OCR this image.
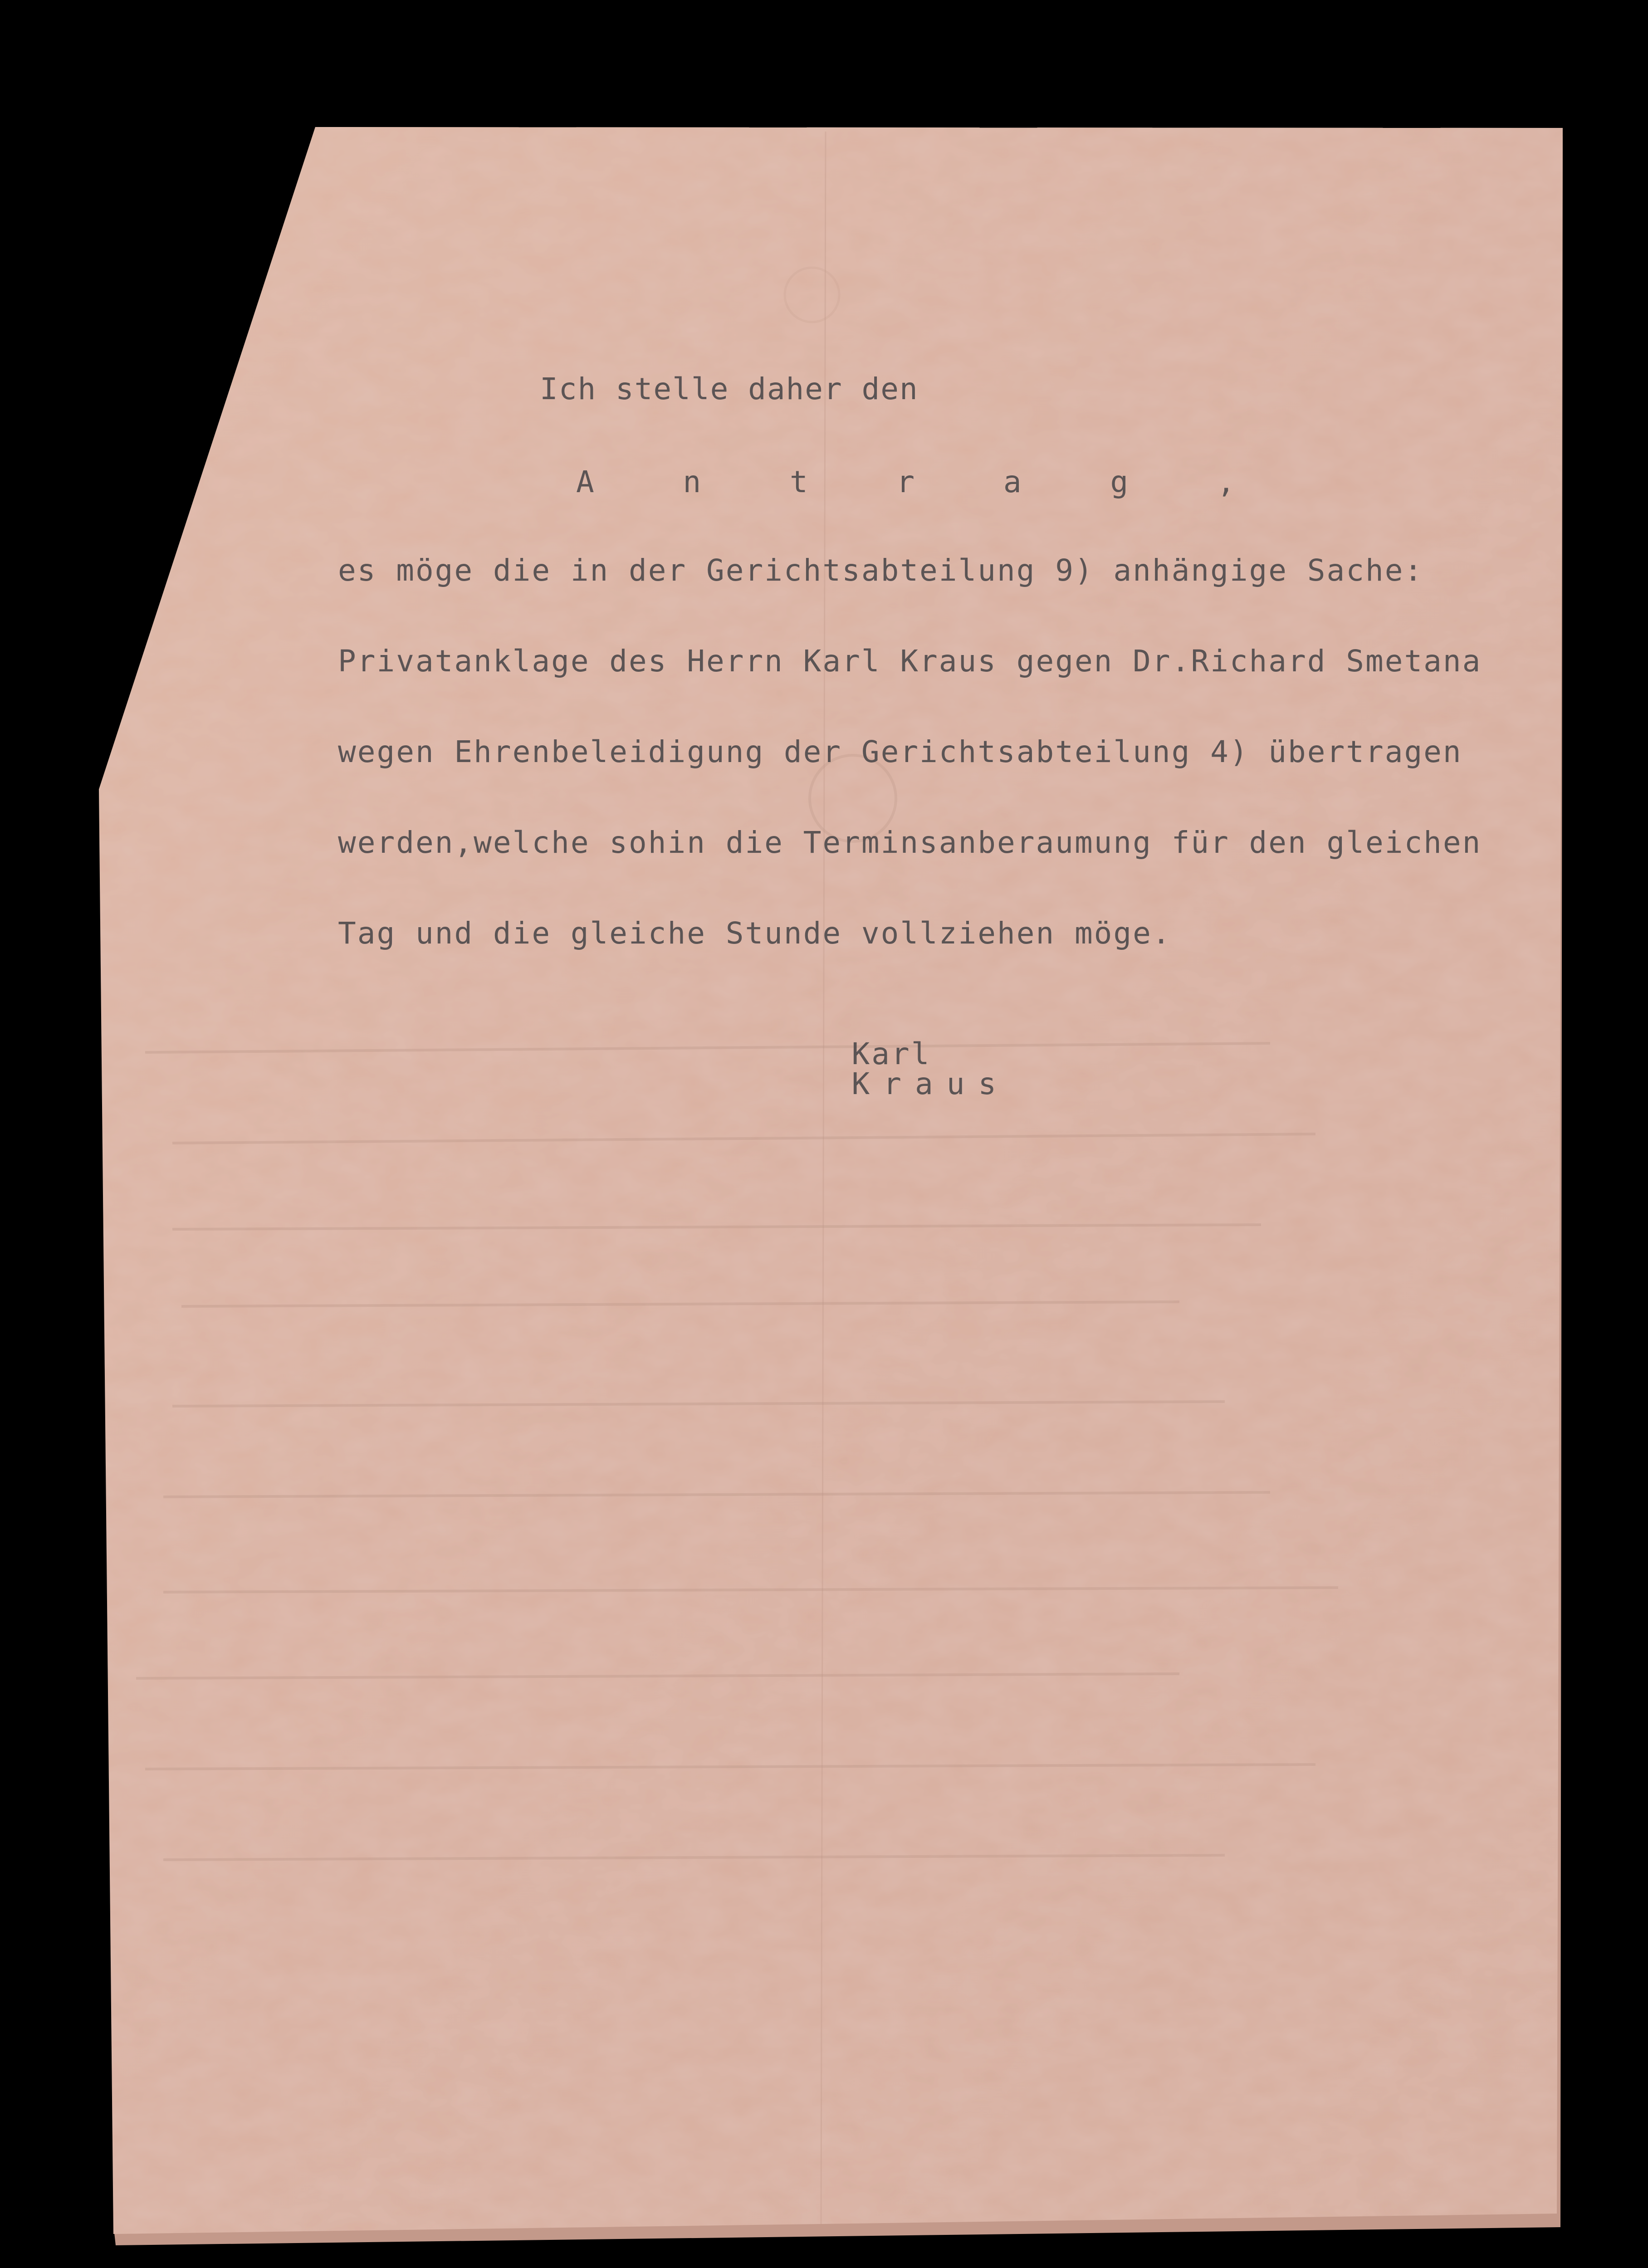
Ich stelle daher den
A n t r a g ,
es möge die in der Gerichtsabteilung 9) anhängige Sache:
Privatanklage des Herrn Karl Kraus gegen Dr.Richard Smetana
wegen Ehrenbeleidigung der Gerichtsabteilung 4) übertragen
werden,welche sohin die Terminsanberaumung für den gleichen
Tag und die gleiche Stunde vollziehen möge.

Karl
Kraus
